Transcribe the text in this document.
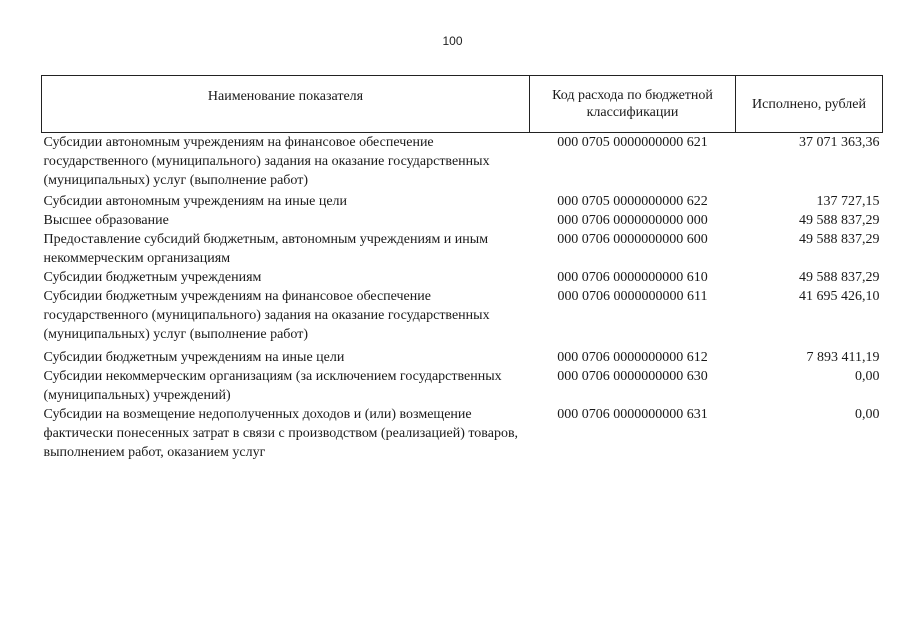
100
Наименование показателя	Код расхода по бюджетной классификации	Исполнено, рублей
Субсидии автономным учреждениям на финансовое обеспечение государственного (муниципального) задания на оказание государственных (муниципальных) услуг (выполнение работ)	000 0705 0000000000 621	37 071 363,36
Субсидии автономным учреждениям на иные цели	000 0705 0000000000 622	137 727,15
Высшее образование	000 0706 0000000000 000	49 588 837,29
Предоставление субсидий бюджетным, автономным учреждениям и иным некоммерческим организациям	000 0706 0000000000 600	49 588 837,29
Субсидии бюджетным учреждениям	000 0706 0000000000 610	49 588 837,29
Субсидии бюджетным учреждениям на финансовое обеспечение государственного (муниципального) задания на оказание государственных (муниципальных) услуг (выполнение работ)	000 0706 0000000000 611	41 695 426,10
Субсидии бюджетным учреждениям на иные цели	000 0706 0000000000 612	7 893 411,19
Субсидии некоммерческим организациям (за исключением государственных (муниципальных) учреждений)	000 0706 0000000000 630	0,00
Субсидии на возмещение недополученных доходов и (или) возмещение фактически понесенных затрат в связи с производством (реализацией) товаров, выполнением работ, оказанием услуг	000 0706 0000000000 631	0,00
